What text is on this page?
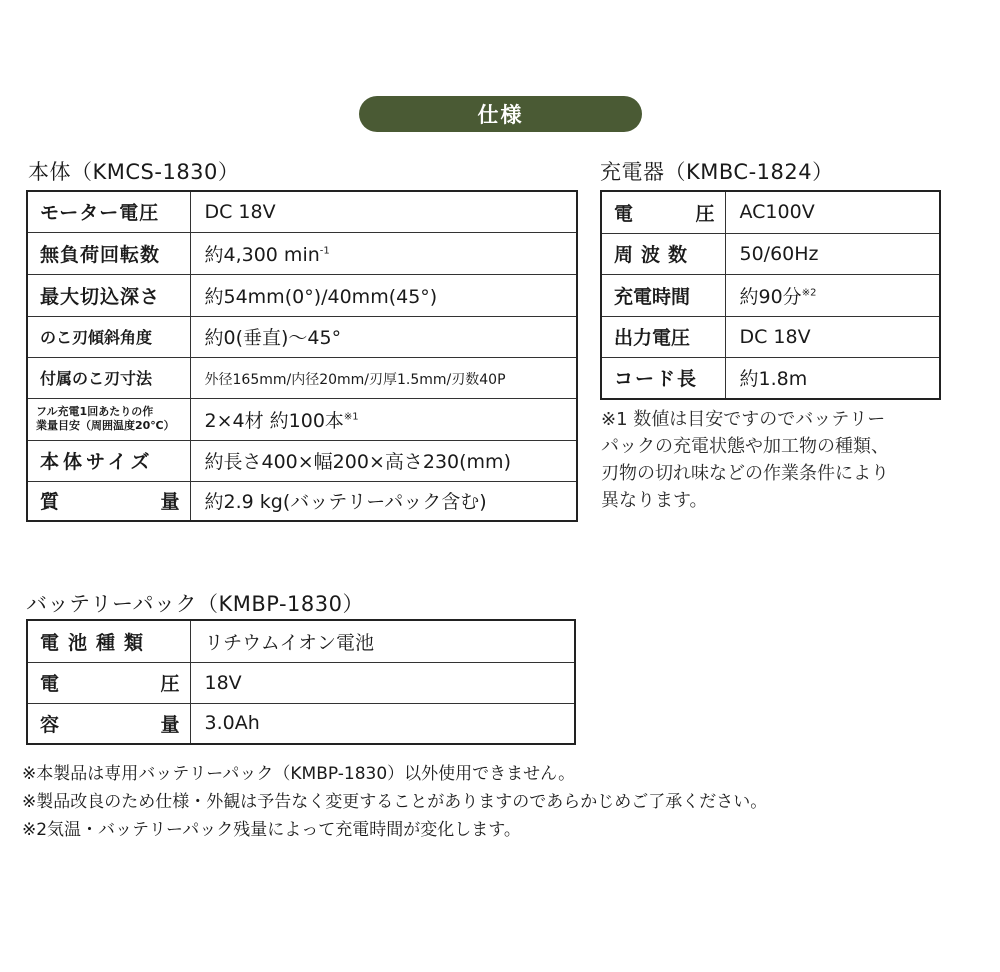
仕様
本体（KMCS-1830）
モーター電圧	DC 18V
無負荷回転数	約4,300 min$^{-1}$
最大切込深さ	約54mm(0°)/40mm(45°)
のこ刃傾斜角度	約0(垂直)〜45°
付属のこ刃寸法	外径165mm/内径20mm/刃厚1.5mm/刃数40P

フル充電1回あたりの作
業量目安（周囲温度20℃）	2×4材 約100本$^{※1}$
本体サイズ	約長さ400×幅200×高さ230(mm)

質 量	約2.9 kg(バッテリーパック含む)
充電器（KMBC-1824）
電 圧	AC100V
周波数	50/60Hz
充電時間	約90分$^{※2}$
出力電圧	DC 18V
コード長	約1.8m
※1 数値は目安ですのでバッテリー
パックの充電状態や加工物の種類、
刃物の切れ味などの作業条件により
異なります。
バッテリーパック（KMBP-1830）
電池種類	リチウムイオン電池

電 圧	18V

容 量	3.0Ah
※本製品は専用バッテリーパック（KMBP-1830）以外使用できません。
※製品改良のため仕様・外観は予告なく変更することがありますのであらかじめご了承ください。
※2気温・バッテリーパック残量によって充電時間が変化します。
